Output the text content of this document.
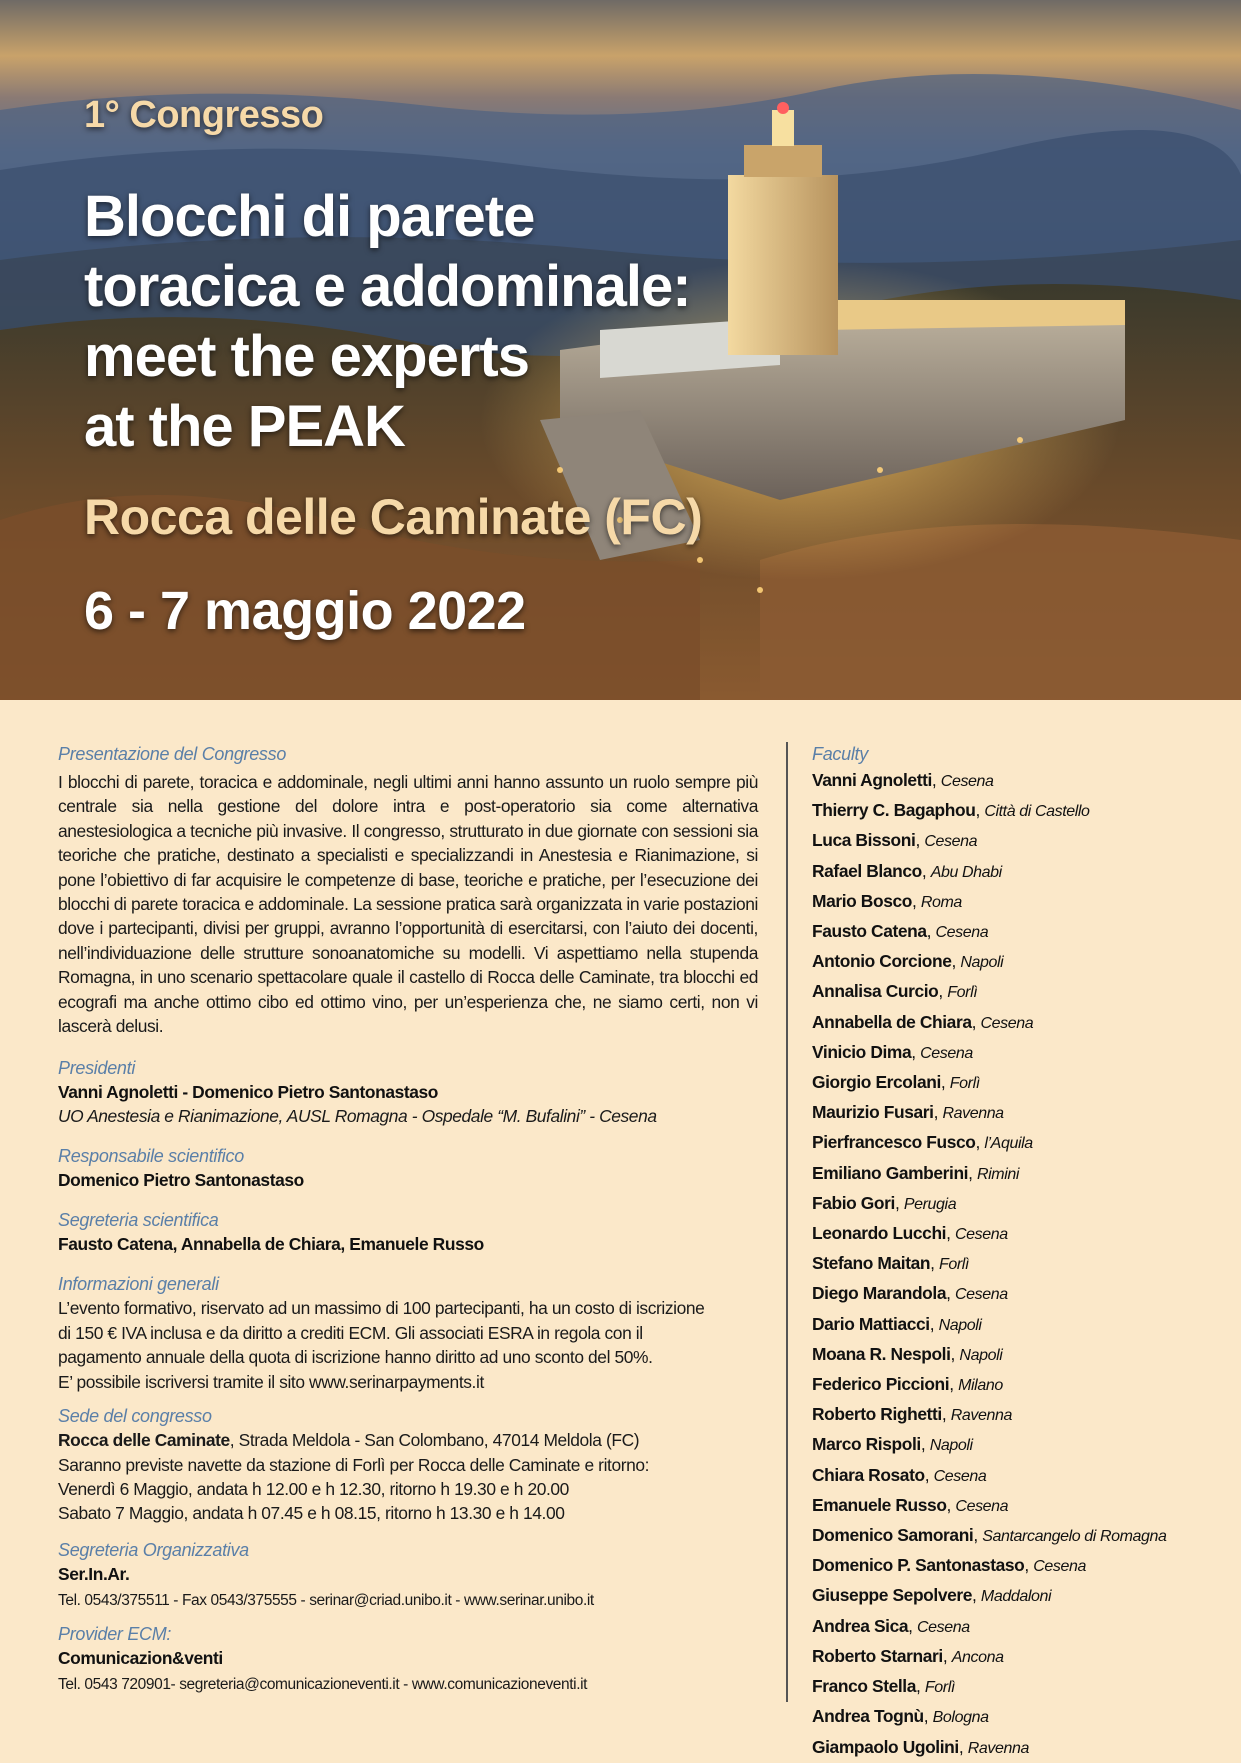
1° Congresso
Blocchi di parete
toracica e addominale:
meet the experts
at the PEAK
Rocca delle Caminate (FC)
6 - 7 maggio 2022

Presentazione del Congresso

I blocchi di parete, toracica e addominale, negli ultimi anni hanno assunto un ruolo sempre più centrale sia nella gestione del dolore intra e post-operatorio sia come alternativa anestesiologica a tecniche più invasive. Il congresso, strutturato in due giornate con sessioni sia teoriche che pratiche, destinato a specialisti e specializzandi in Anestesia e Rianimazione, si pone l’obiettivo di far acquisire le competenze di base, teoriche e pratiche, per l’esecuzione dei blocchi di parete toracica e addominale. La sessione pratica sarà organizzata in varie postazioni dove i partecipanti, divisi per gruppi, avranno l’opportunità di esercitarsi, con l’aiuto dei docenti, nell’individuazione delle strutture sonoanatomiche su modelli. Vi aspettiamo nella stupenda Romagna, in uno scenario spettacolare quale il castello di Rocca delle Caminate, tra blocchi ed ecografi ma anche ottimo cibo ed ottimo vino, per un’esperienza che, ne siamo certi, non vi lascerà delusi.

Presidenti

Vanni Agnoletti - Domenico Pietro Santonastaso

UO Anestesia e Rianimazione, AUSL Romagna - Ospedale “M. Bufalini” - Cesena

Responsabile scientifico

Domenico Pietro Santonastaso

Segreteria scientifica

Fausto Catena, Annabella de Chiara, Emanuele Russo

Informazioni generali

L’evento formativo, riservato ad un massimo di 100 partecipanti, ha un costo di iscrizione

di 150 € IVA inclusa e da diritto a crediti ECM. Gli associati ESRA in regola con il

pagamento annuale della quota di iscrizione hanno diritto ad uno sconto del 50%.

E’ possibile iscriversi tramite il sito www.serinarpayments.it

Sede del congresso

Rocca delle Caminate, Strada Meldola - San Colombano, 47014 Meldola (FC)

Saranno previste navette da stazione di Forlì per Rocca delle Caminate e ritorno:

Venerdì 6 Maggio, andata h 12.00 e h 12.30, ritorno h 19.30 e h 20.00

Sabato 7 Maggio, andata h 07.45 e h 08.15, ritorno h 13.30 e h 14.00

Segreteria Organizzativa

Ser.In.Ar.

Tel. 0543/375511 - Fax 0543/375555 - serinar@criad.unibo.it - www.serinar.unibo.it

Provider ECM:

Comunicazion&venti

Tel. 0543 720901- segreteria@comunicazioneventi.it - www.comunicazioneventi.it

Faculty

Vanni Agnoletti, Cesena
Thierry C. Bagaphou, Città di Castello
Luca Bissoni, Cesena
Rafael Blanco, Abu Dhabi
Mario Bosco, Roma
Fausto Catena, Cesena
Antonio Corcione, Napoli
Annalisa Curcio, Forlì
Annabella de Chiara, Cesena
Vinicio Dima, Cesena
Giorgio Ercolani, Forlì
Maurizio Fusari, Ravenna
Pierfrancesco Fusco, l’Aquila
Emiliano Gamberini, Rimini
Fabio Gori, Perugia
Leonardo Lucchi, Cesena
Stefano Maitan, Forlì
Diego Marandola, Cesena
Dario Mattiacci, Napoli
Moana R. Nespoli, Napoli
Federico Piccioni, Milano
Roberto Righetti, Ravenna
Marco Rispoli, Napoli
Chiara Rosato, Cesena
Emanuele Russo, Cesena
Domenico Samorani, Santarcangelo di Romagna
Domenico P. Santonastaso, Cesena
Giuseppe Sepolvere, Maddaloni
Andrea Sica, Cesena
Roberto Starnari, Ancona
Franco Stella, Forlì
Andrea Tognù, Bologna
Giampaolo Ugolini, Ravenna
